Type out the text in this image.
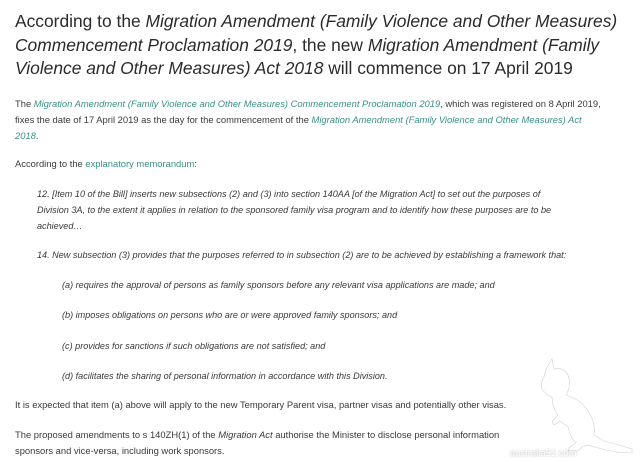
According to the Migration Amendment (Family Violence and Other Measures) Commencement Proclamation 2019, the new Migration Amendment (Family Violence and Other Measures) Act 2018 will commence on 17 April 2019
The Migration Amendment (Family Violence and Other Measures) Commencement Proclamation 2019, which was registered on 8 April 2019,
fixes the date of 17 April 2019 as the day for the commencement of the Migration Amendment (Family Violence and Other Measures) Act
2018.
According to the explanatory memorandum:
12. [Item 10 of the Bill] inserts new subsections (2) and (3) into section 140AA [of the Migration Act] to set out the purposes of
Division 3A, to the extent it applies in relation to the sponsored family visa program and to identify how these purposes are to be
achieved…
14. New subsection (3) provides that the purposes referred to in subsection (2) are to be achieved by establishing a framework that:
(a) requires the approval of persons as family sponsors before any relevant visa applications are made; and
(b) imposes obligations on persons who are or were approved family sponsors; and
(c) provides for sanctions if such obligations are not satisfied; and
(d) facilitates the sharing of personal information in accordance with this Division.
It is expected that item (a) above will apply to the new Temporary Parent visa, partner visas and potentially other visas.
The proposed amendments to s 140ZH(1) of the Migration Act authorise the Minister to disclose personal information
sponsors and vice-versa, including work sponsors.	australia51.com
